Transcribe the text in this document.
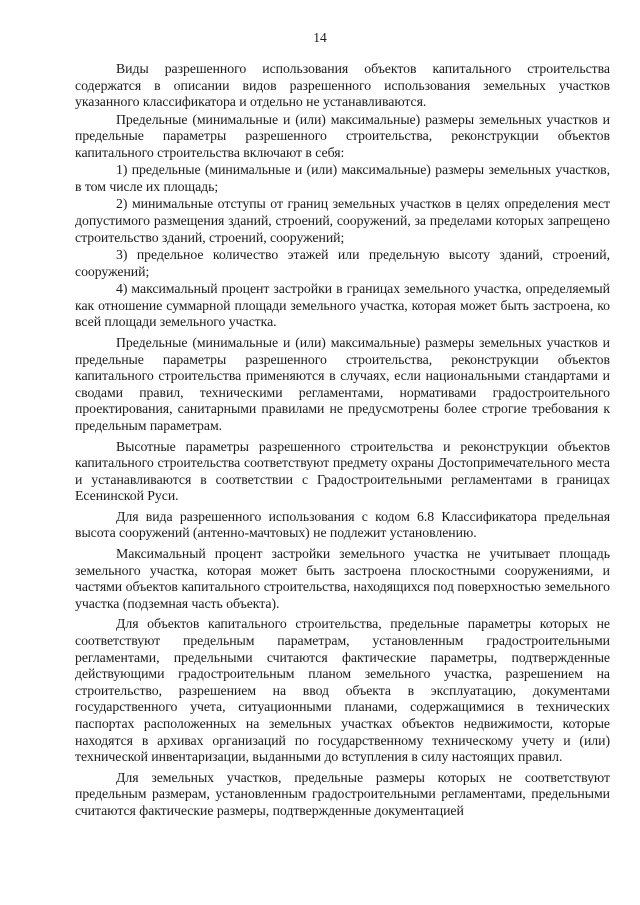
14

Виды разрешенного использования объектов капитального строительства содержатся в описании видов разрешенного использования земельных участков указанного классификатора и отдельно не устанавливаются.

Предельные (минимальные и (или) максимальные) размеры земельных участков и предельные параметры разрешенного строительства, реконструкции объектов капитального строительства включают в себя:

1) предельные (минимальные и (или) максимальные) размеры земельных участков, в том числе их площадь;

2) минимальные отступы от границ земельных участков в целях определения мест допустимого размещения зданий, строений, сооружений, за пределами которых запрещено строительство зданий, строений, сооружений;

3) предельное количество этажей или предельную высоту зданий, строений, сооружений;

4) максимальный процент застройки в границах земельного участка, определяемый как отношение суммарной площади земельного участка, которая может быть застроена, ко всей площади земельного участка.

Предельные (минимальные и (или) максимальные) размеры земельных участков и предельные параметры разрешенного строительства, реконструкции объектов капитального строительства применяются в случаях, если национальными стандартами и сводами правил, техническими регламентами, нормативами градостроительного проектирования, санитарными правилами не предусмотрены более строгие требования к предельным параметрам.

Высотные параметры разрешенного строительства и реконструкции объектов капитального строительства соответствуют предмету охраны Достопримечательного места и устанавливаются в соответствии с Градостроительными регламентами в границах Есенинской Руси.

Для вида разрешенного использования с кодом 6.8 Классификатора предельная высота сооружений (антенно-мачтовых) не подлежит установлению.

Максимальный процент застройки земельного участка не учитывает площадь земельного участка, которая может быть застроена плоскостными сооружениями, и частями объектов капитального строительства, находящихся под поверхностью земельного участка (подземная часть объекта).

Для объектов капитального строительства, предельные параметры которых не соответствуют предельным параметрам, установленным градостроительными регламентами, предельными считаются фактические параметры, подтвержденные действующими градостроительным планом земельного участка, разрешением на строительство, разрешением на ввод объекта в эксплуатацию, документами государственного учета, ситуационными планами, содержащимися в технических паспортах расположенных на земельных участках объектов недвижимости, которые находятся в архивах организаций по государственному техническому учету и (или) технической инвентаризации, выданными до вступления в силу настоящих правил.

Для земельных участков, предельные размеры которых не соответствуют предельным размерам, установленным градостроительными регламентами, предельными считаются фактические размеры, подтвержденные документацией
